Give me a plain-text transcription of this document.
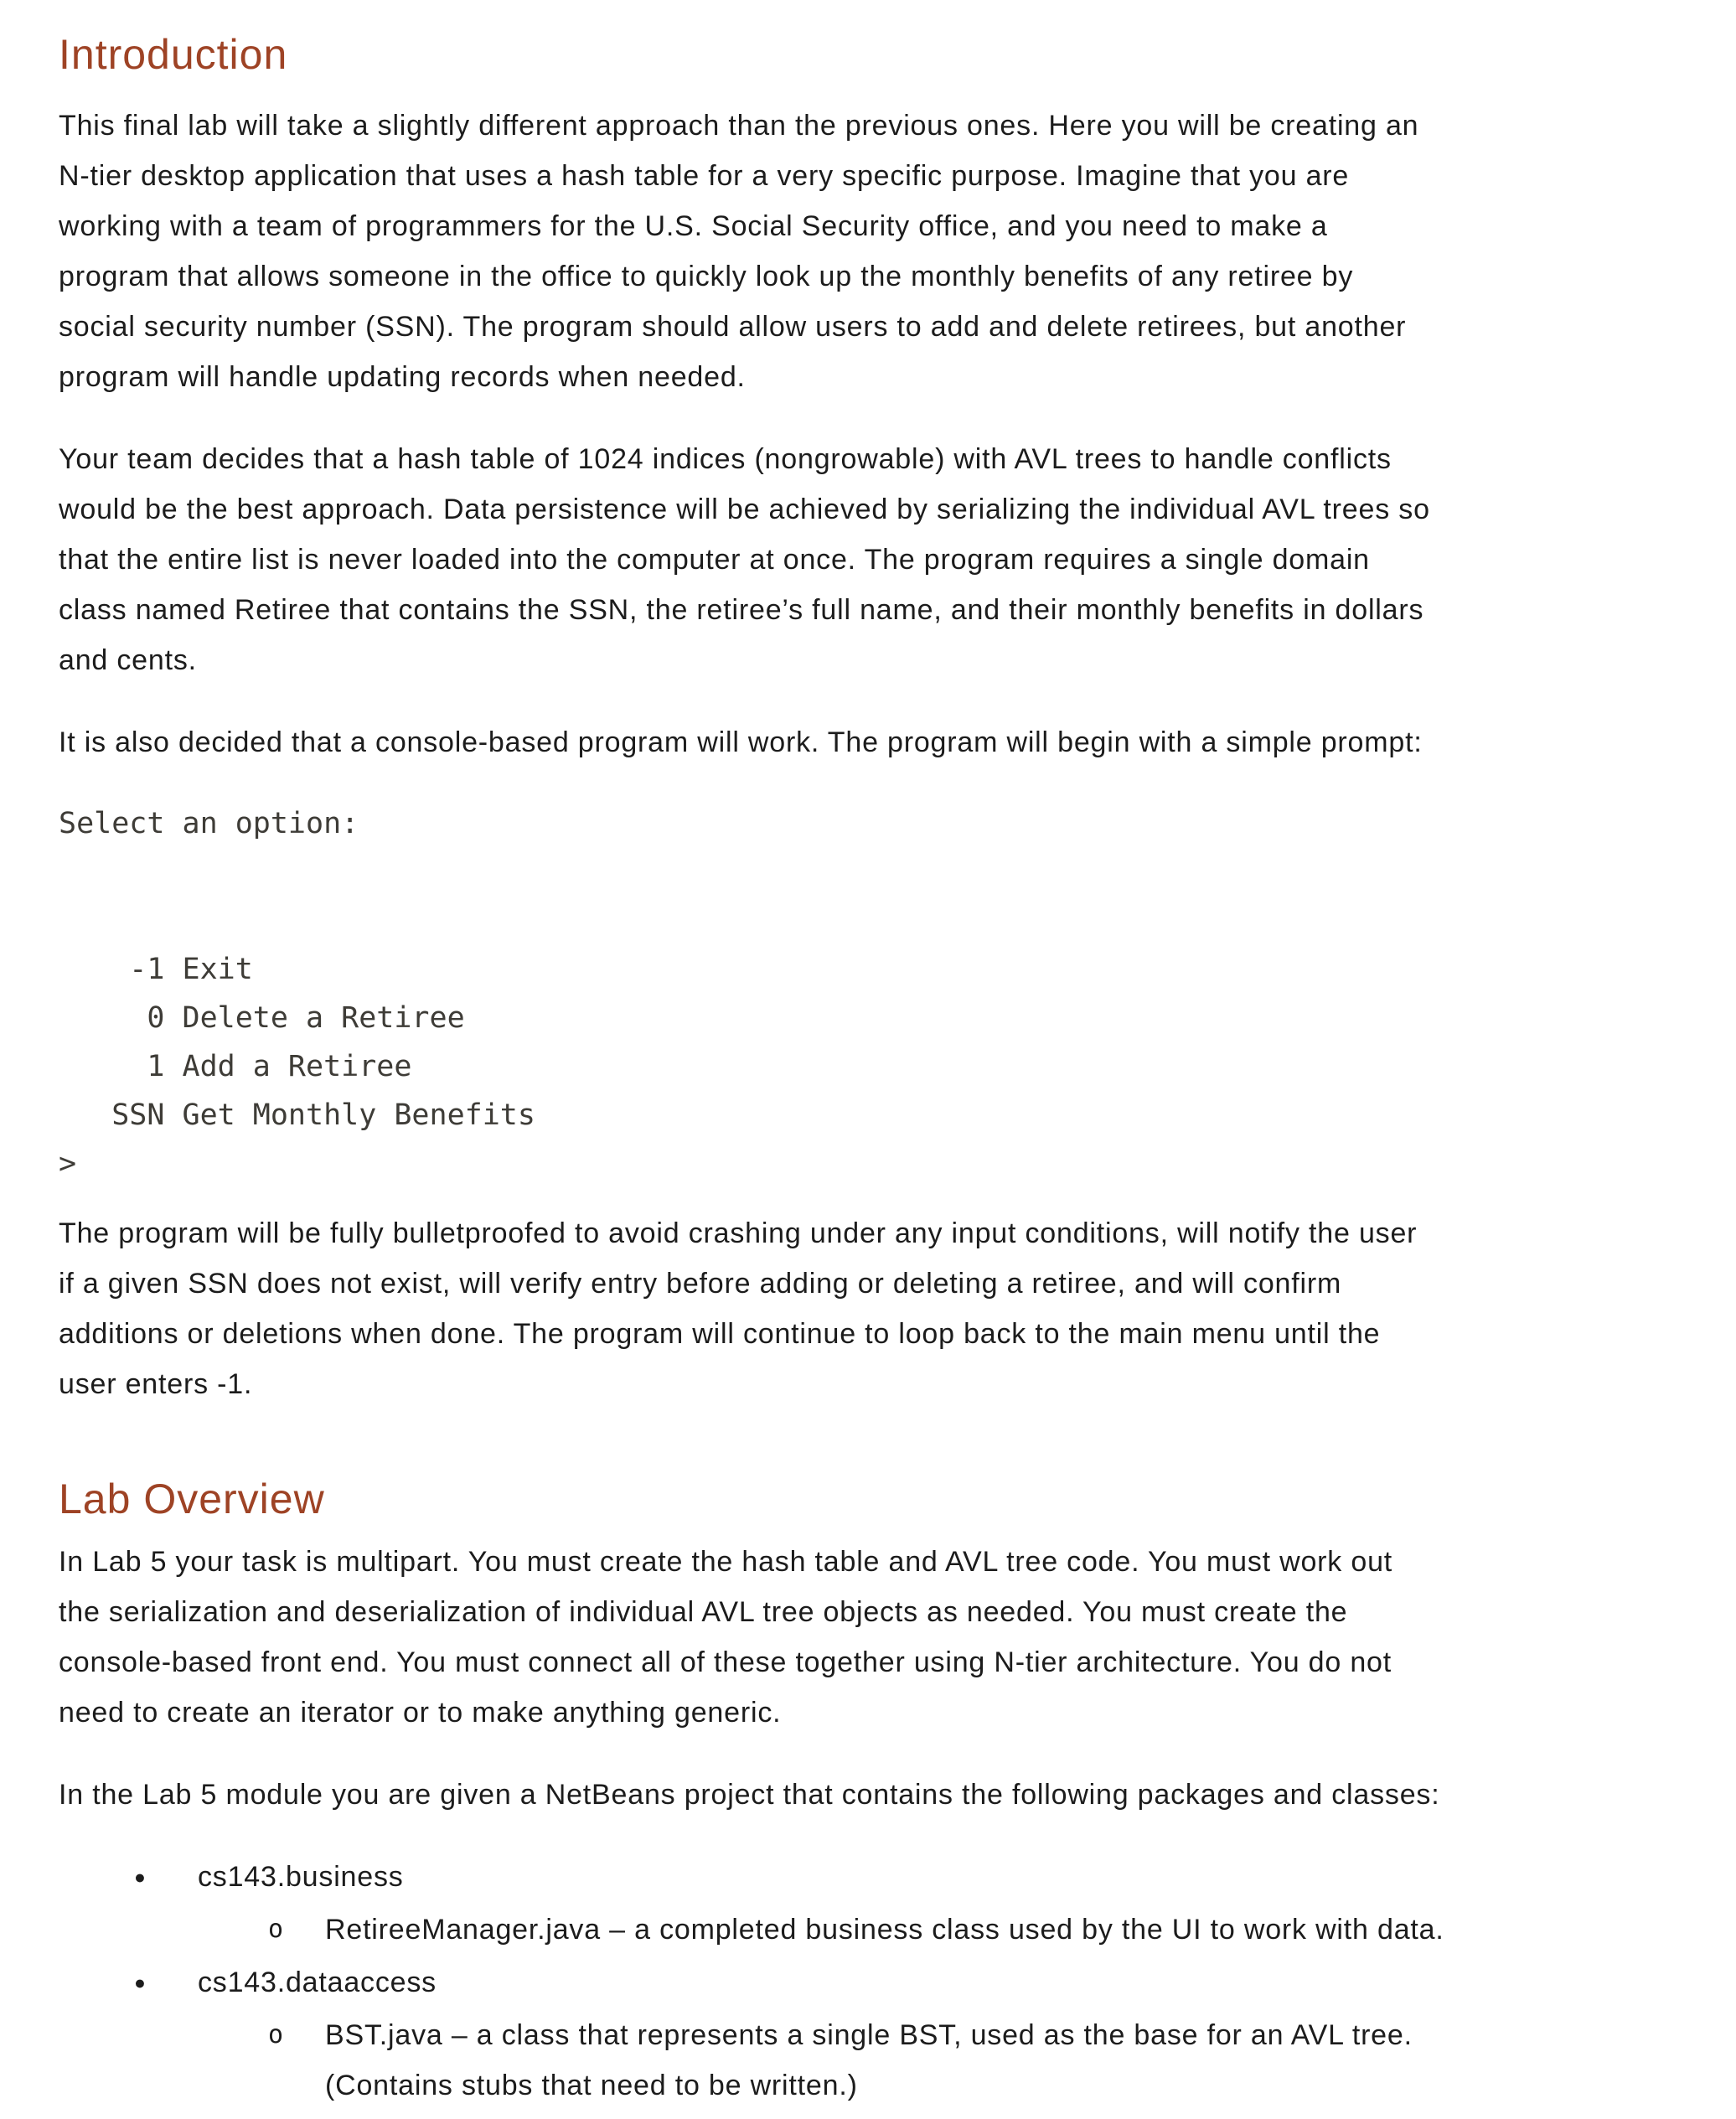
Introduction

This final lab will take a slightly different approach than the previous ones. Here you will be creating an
N-tier desktop application that uses a hash table for a very specific purpose. Imagine that you are
working with a team of programmers for the U.S. Social Security office, and you need to make a
program that allows someone in the office to quickly look up the monthly benefits of any retiree by
social security number (SSN). The program should allow users to add and delete retirees, but another
program will handle updating records when needed.

Your team decides that a hash table of 1024 indices (nongrowable) with AVL trees to handle conflicts
would be the best approach. Data persistence will be achieved by serializing the individual AVL trees so
that the entire list is never loaded into the computer at once. The program requires a single domain
class named Retiree that contains the SSN, the retiree’s full name, and their monthly benefits in dollars
and cents.

It is also decided that a console-based program will work. The program will begin with a simple prompt:

Select an option:

-1 Exit
0 Delete a Retiree
1 Add a Retiree
SSN Get Monthly Benefits
>

The program will be fully bulletproofed to avoid crashing under any input conditions, will notify the user
if a given SSN does not exist, will verify entry before adding or deleting a retiree, and will confirm
additions or deletions when done. The program will continue to loop back to the main menu until the
user enters -1.

Lab Overview

In Lab 5 your task is multipart. You must create the hash table and AVL tree code. You must work out
the serialization and deserialization of individual AVL tree objects as needed. You must create the
console-based front end. You must connect all of these together using N-tier architecture. You do not
need to create an iterator or to make anything generic.

In the Lab 5 module you are given a NetBeans project that contains the following packages and classes:

●	cs143.business
o	RetireeManager.java – a completed business class used by the UI to work with data.
●	cs143.dataaccess
o	BST.java – a class that represents a single BST, used as the base for an AVL tree.
(Contains stubs that need to be written.)
